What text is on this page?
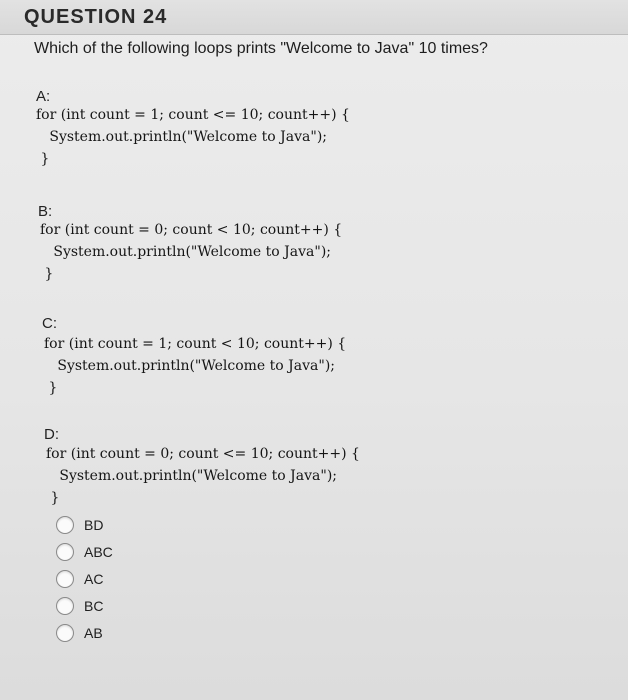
QUESTION 24
Which of the following loops prints "Welcome to Java" 10 times?
A:
for (int count = 1; count <= 10; count++) {
System.out.println("Welcome to Java");
}
B:
for (int count = 0; count < 10; count++) {
System.out.println("Welcome to Java");
}
C:
for (int count = 1; count < 10; count++) {
System.out.println("Welcome to Java");
}
D:
for (int count = 0; count <= 10; count++) {
System.out.println("Welcome to Java");
}
BD
ABC
AC
BC
AB
